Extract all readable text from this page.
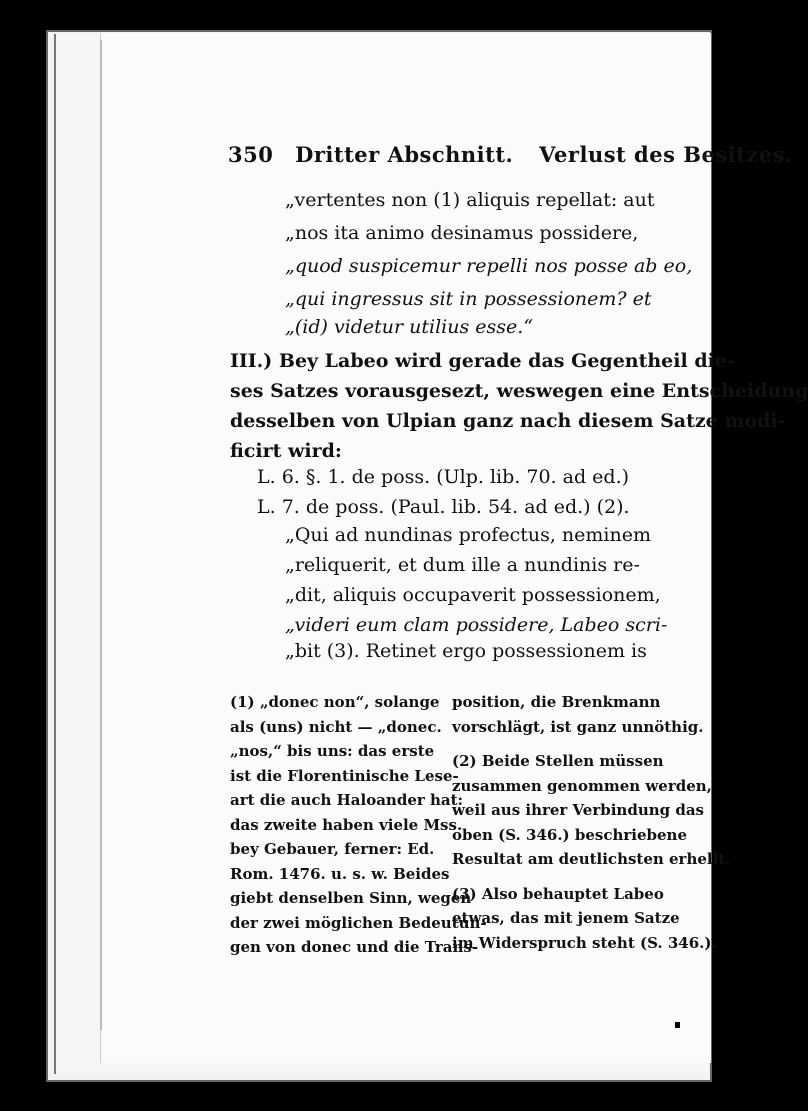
350 Dritter Abschnitt. Verlust des Besitzes.
„vertentes non (1) aliquis repellat: aut
„nos ita animo desinamus possidere,
„quod suspicemur repelli nos posse ab eo,
„qui ingressus sit in possessionem? et
„(id) videtur utilius esse.“
III.) Bey Labeo wird gerade das Gegentheil die-
ses Satzes vorausgesezt, weswegen eine Entscheidung
desselben von Ulpian ganz nach diesem Satze modi-
ficirt wird:
L. 6. §. 1. de poss. (Ulp. lib. 70. ad ed.)
L. 7. de poss. (Paul. lib. 54. ad ed.) (2).
„Qui ad nundinas profectus, neminem
„reliquerit, et dum ille a nundinis re-
„dit, aliquis occupaverit possessionem,
„videri eum clam possidere, Labeo scri-
„bit (3). Retinet ergo possessionem is
(1) „donec non“, solange
als (uns) nicht — „donec.
„nos,“ bis uns: das erste
ist die Florentinische Lese-
art die auch Haloander hat:
das zweite haben viele Mss.
bey Gebauer, ferner: Ed.
Rom. 1476. u. s. w. Beides
giebt denselben Sinn, wegen
der zwei möglichen Bedeutun-
gen von donec und die Trans-
position, die Brenkmann
vorschlägt, ist ganz unnöthig.
(2) Beide Stellen müssen
zusammen genommen werden,
weil aus ihrer Verbindung das
oben (S. 346.) beschriebene
Resultat am deutlichsten erhellt.
(3) Also behauptet Labeo
etwas, das mit jenem Satze
im Widerspruch steht (S. 346.).
